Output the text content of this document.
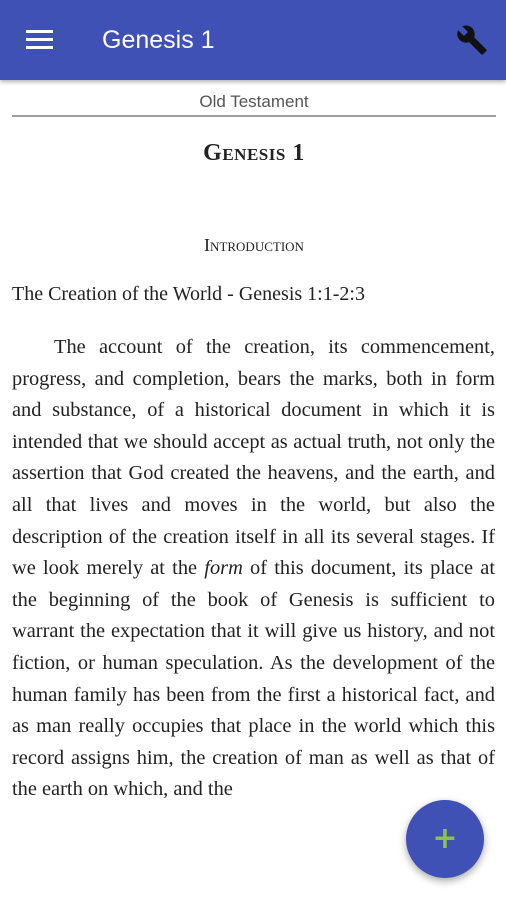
Genesis 1
Old Testament
Genesis 1
Introduction
The Creation of the World - Genesis 1:1-2:3

The account of the creation, its commencement, progress, and completion, bears the marks, both in form and substance, of a historical document in which it is intended that we should accept as actual truth, not only the assertion that God created the heavens, and the earth, and all that lives and moves in the world, but also the description of the creation itself in all its several stages. If we look merely at the form of this document, its place at the beginning of the book of Genesis is sufficient to warrant the expectation that it will give us history, and not fiction, or human speculation. As the development of the human family has been from the first a historical fact, and as man really occupies that place in the world which this record assigns him, the creation of man as well as that of the earth on which, and the

+
